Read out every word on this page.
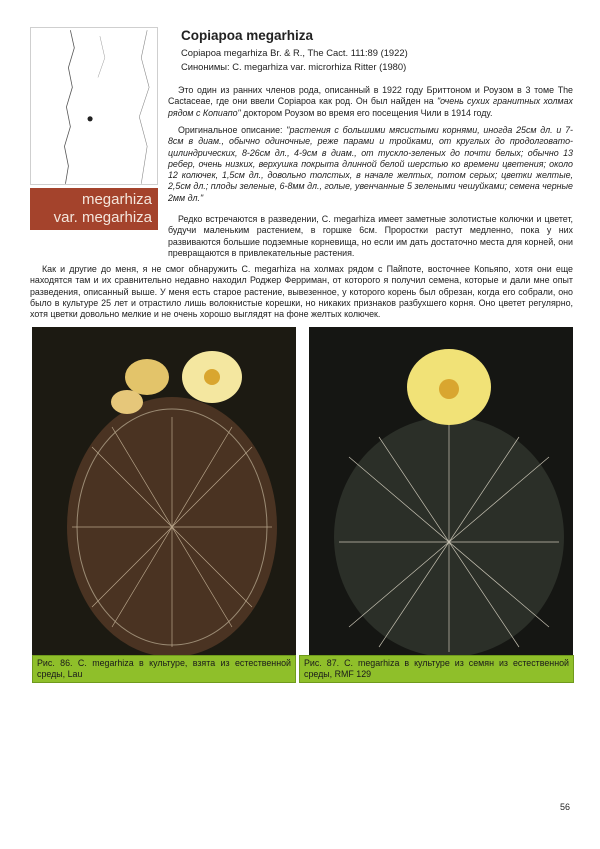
megarhiza
var. megarhiza
Copiapoa megarhiza
Copiapoa megarhiza Br. & R., The Cact. 111:89 (1922)
Синонимы: C. megarhiza var. microrhiza Ritter (1980)
Это один из ранних членов рода, описанный в 1922 году Бриттоном и Роузом в 3 томе The Cactaceae, где они ввели Copiapoa как род. Он был найден на "очень сухих гранитных холмах рядом с Копиапо" доктором Роузом во время его посещения Чили в 1914 году.
Оригинальное описание: "растения с большими мясистыми корнями, иногда 25см дл. и 7-8см в диам., обычно одиночные, реже парами и тройками, от круглых до продолговато-цилиндрических, 8-26см дл., 4-9см в диам., от тускло-зеленых до почти белых; обычно 13 ребер, очень низких, верхушка покрыта длинной белой шерстью ко времени цветения; около 12 колючек, 1,5см дл., довольно толстых, в начале желтых, потом серых; цветки желтые, 2,5см дл.; плоды зеленые, 6-8мм дл., голые, увенчанные 5 зелеными чешуйками; семена черные 2мм дл."
Редко встречаются в разведении, C. megarhiza имеет заметные золотистые колючки и цветет, будучи маленьким растением, в горшке 6см. Проростки растут медленно, пока у них развиваются большие подземные корневища, но если им дать достаточно места для корней, они превращаются в привлекательные растения.
Как и другие до меня, я не смог обнаружить C. megarhiza на холмах рядом с Пайпоте, восточнее Копьяпо, хотя они еще находятся там и их сравнительно недавно находил Роджер Ферриман, от которого я получил семена, которые и дали мне опыт разведения, описанный выше. У меня есть старое растение, вывезенное, у которого корень был обрезан, когда его собрали, оно было в культуре 25 лет и отрастило лишь волокнистые корешки, но никаких признаков разбухшего корня. Оно цветет регулярно, хотя цветки довольно мелкие и не очень хорошо выглядят на фоне желтых колючек.
Рис. 86. C. megarhiza в культуре, взята из естественной среды, Lau
Рис. 87. C. megarhiza в культуре из семян из естественной среды, RMF 129
56
